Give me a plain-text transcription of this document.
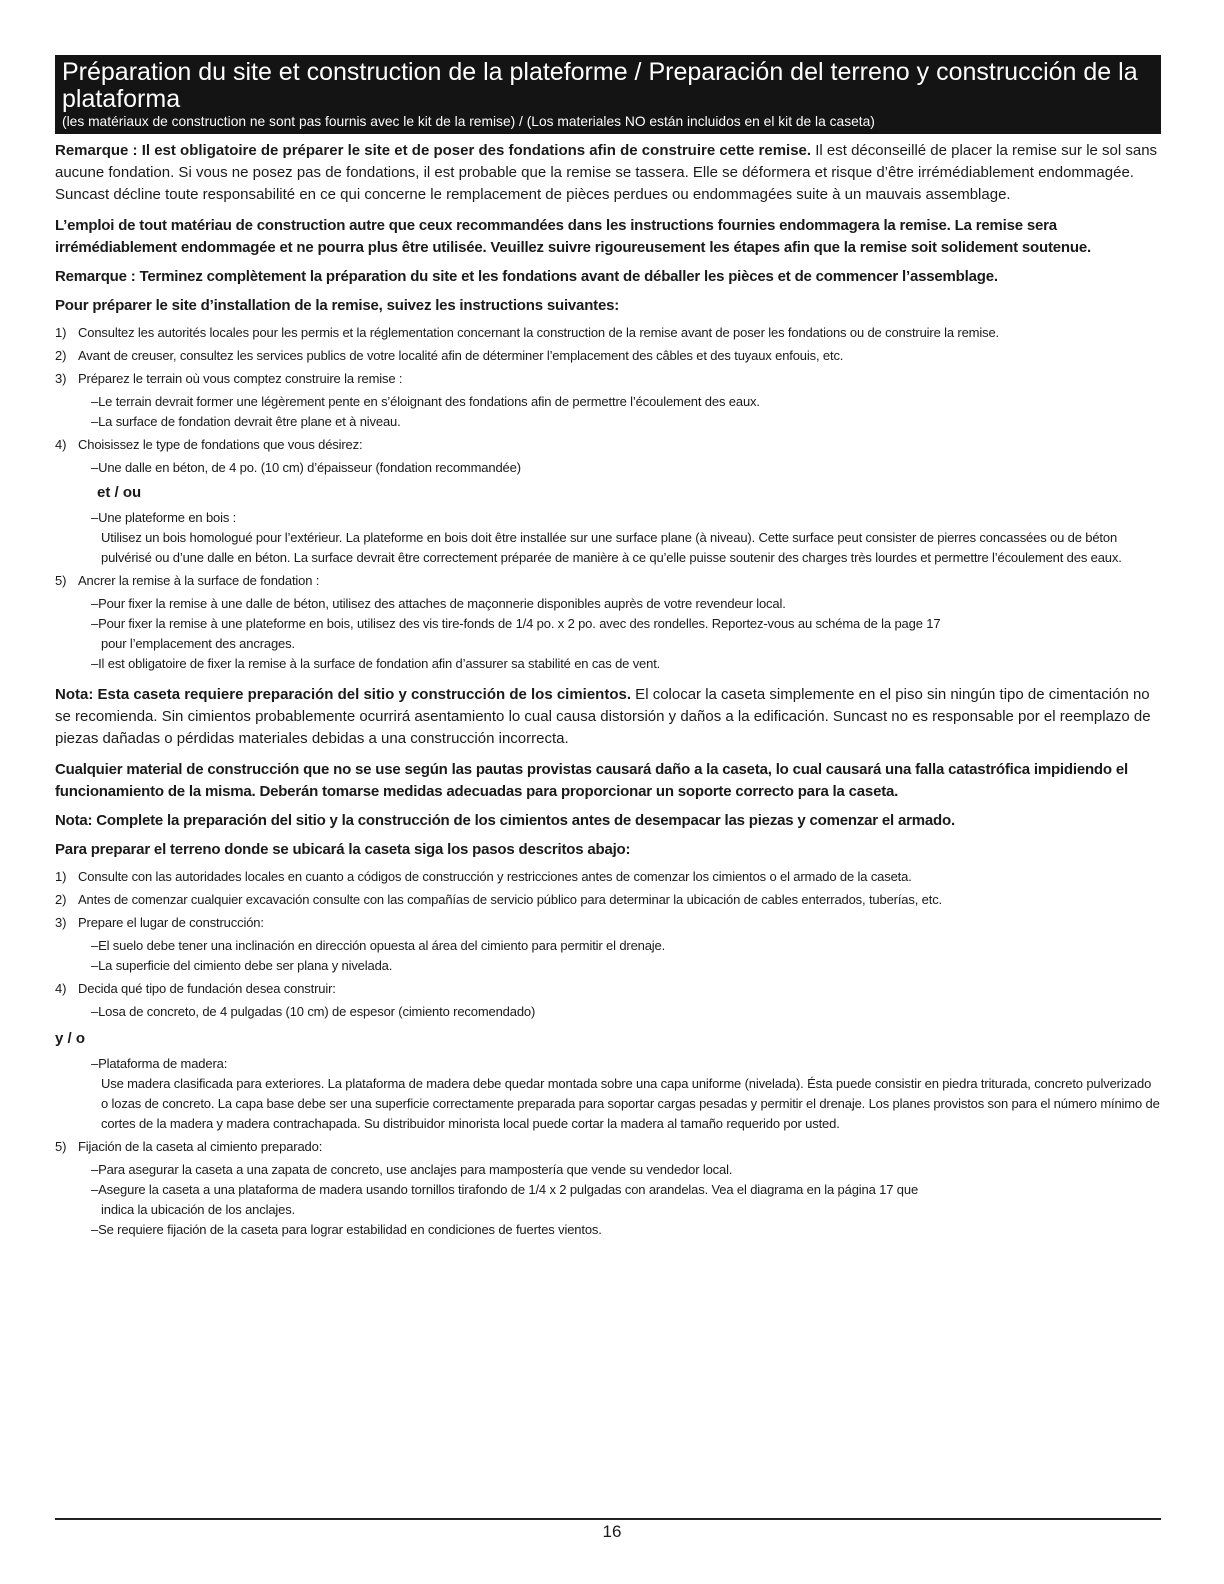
Préparation du site et construction de la plateforme / Preparación del terreno y construcción de la plataforma
(les matériaux de construction ne sont pas fournis avec le kit de la remise) / (Los materiales NO están incluidos en el kit de la caseta)

Remarque : Il est obligatoire de préparer le site et de poser des fondations afin de construire cette remise. Il est déconseillé de placer la remise sur le sol sans aucune fondation. Si vous ne posez pas de fondations, il est probable que la remise se tassera. Elle se déformera et risque d’être irrémédiablement endommagée. Suncast décline toute responsabilité en ce qui concerne le remplacement de pièces perdues ou endommagées suite à un mauvais assemblage.

L’emploi de tout matériau de construction autre que ceux recommandées dans les instructions fournies endommagera la remise. La remise sera irrémédiablement endommagée et ne pourra plus être utilisée. Veuillez suivre rigoureusement les étapes afin que la remise soit solidement soutenue.

Remarque : Terminez complètement la préparation du site et les fondations avant de déballer les pièces et de commencer l’assemblage.

Pour préparer le site d’installation de la remise, suivez les instructions suivantes:

1) Consultez les autorités locales pour les permis et la réglementation concernant la construction de la remise avant de poser les fondations ou de construire la remise.
2) Avant de creuser, consultez les services publics de votre localité afin de déterminer l’emplacement des câbles et des tuyaux enfouis, etc.
3) Préparez le terrain où vous comptez construire la remise :
–Le terrain devrait former une légèrement pente en s’éloignant des fondations afin de permettre l’écoulement des eaux.
–La surface de fondation devrait être plane et à niveau.
4) Choisissez le type de fondations que vous désirez:
–Une dalle en béton, de 4 po. (10 cm) d’épaisseur (fondation recommandée)
et / ou
–Une plateforme en bois :
Utilisez un bois homologué pour l’extérieur. La plateforme en bois doit être installée sur une surface plane (à niveau). Cette surface peut consister de pierres concassées ou de béton pulvérisé ou d’une dalle en béton. La surface devrait être correctement préparée de manière à ce qu’elle puisse soutenir des charges très lourdes et permettre l’écoulement des eaux.
5) Ancrer la remise à la surface de fondation :
–Pour fixer la remise à une dalle de béton, utilisez des attaches de maçonnerie disponibles auprès de votre revendeur local.
–Pour fixer la remise à une plateforme en bois, utilisez des vis tire-fonds de 1/4 po. x 2 po. avec des rondelles. Reportez-vous au schéma de la page 17
pour l’emplacement des ancrages.
–Il est obligatoire de fixer la remise à la surface de fondation afin d’assurer sa stabilité en cas de vent.

Nota: Esta caseta requiere preparación del sitio y construcción de los cimientos. El colocar la caseta simplemente en el piso sin ningún tipo de cimentación no se recomienda. Sin cimientos probablemente ocurrirá asentamiento lo cual causa distorsión y daños a la edificación. Suncast no es responsable por el reemplazo de piezas dañadas o pérdidas materiales debidas a una construcción incorrecta.

Cualquier material de construcción que no se use según las pautas provistas causará daño a la caseta, lo cual causará una falla catastrófica impidiendo el funcionamiento de la misma. Deberán tomarse medidas adecuadas para proporcionar un soporte correcto para la caseta.

Nota: Complete la preparación del sitio y la construcción de los cimientos antes de desempacar las piezas y comenzar el armado.

Para preparar el terreno donde se ubicará la caseta siga los pasos descritos abajo:

1) Consulte con las autoridades locales en cuanto a códigos de construcción y restricciones antes de comenzar los cimientos o el armado de la caseta.
2) Antes de comenzar cualquier excavación consulte con las compañías de servicio público para determinar la ubicación de cables enterrados, tuberías, etc.
3) Prepare el lugar de construcción:
–El suelo debe tener una inclinación en dirección opuesta al área del cimiento para permitir el drenaje.
–La superficie del cimiento debe ser plana y nivelada.
4) Decida qué tipo de fundación desea construir:
–Losa de concreto, de 4 pulgadas (10 cm) de espesor (cimiento recomendado)
y / o
–Plataforma de madera:
Use madera clasificada para exteriores. La plataforma de madera debe quedar montada sobre una capa uniforme (nivelada). Ésta puede consistir en piedra triturada, concreto pulverizado o lozas de concreto. La capa base debe ser una superficie correctamente preparada para soportar cargas pesadas y permitir el drenaje. Los planes provistos son para el número mínimo de cortes de la madera y madera contrachapada. Su distribuidor minorista local puede cortar la madera al tamaño requerido por usted.
5) Fijación de la caseta al cimiento preparado:
–Para asegurar la caseta a una zapata de concreto, use anclajes para mampostería que vende su vendedor local.
–Asegure la caseta a una plataforma de madera usando tornillos tirafondo de 1/4 x 2 pulgadas con arandelas. Vea el diagrama en la página 17 que
indica la ubicación de los anclajes.
–Se requiere fijación de la caseta para lograr estabilidad en condiciones de fuertes vientos.
16
